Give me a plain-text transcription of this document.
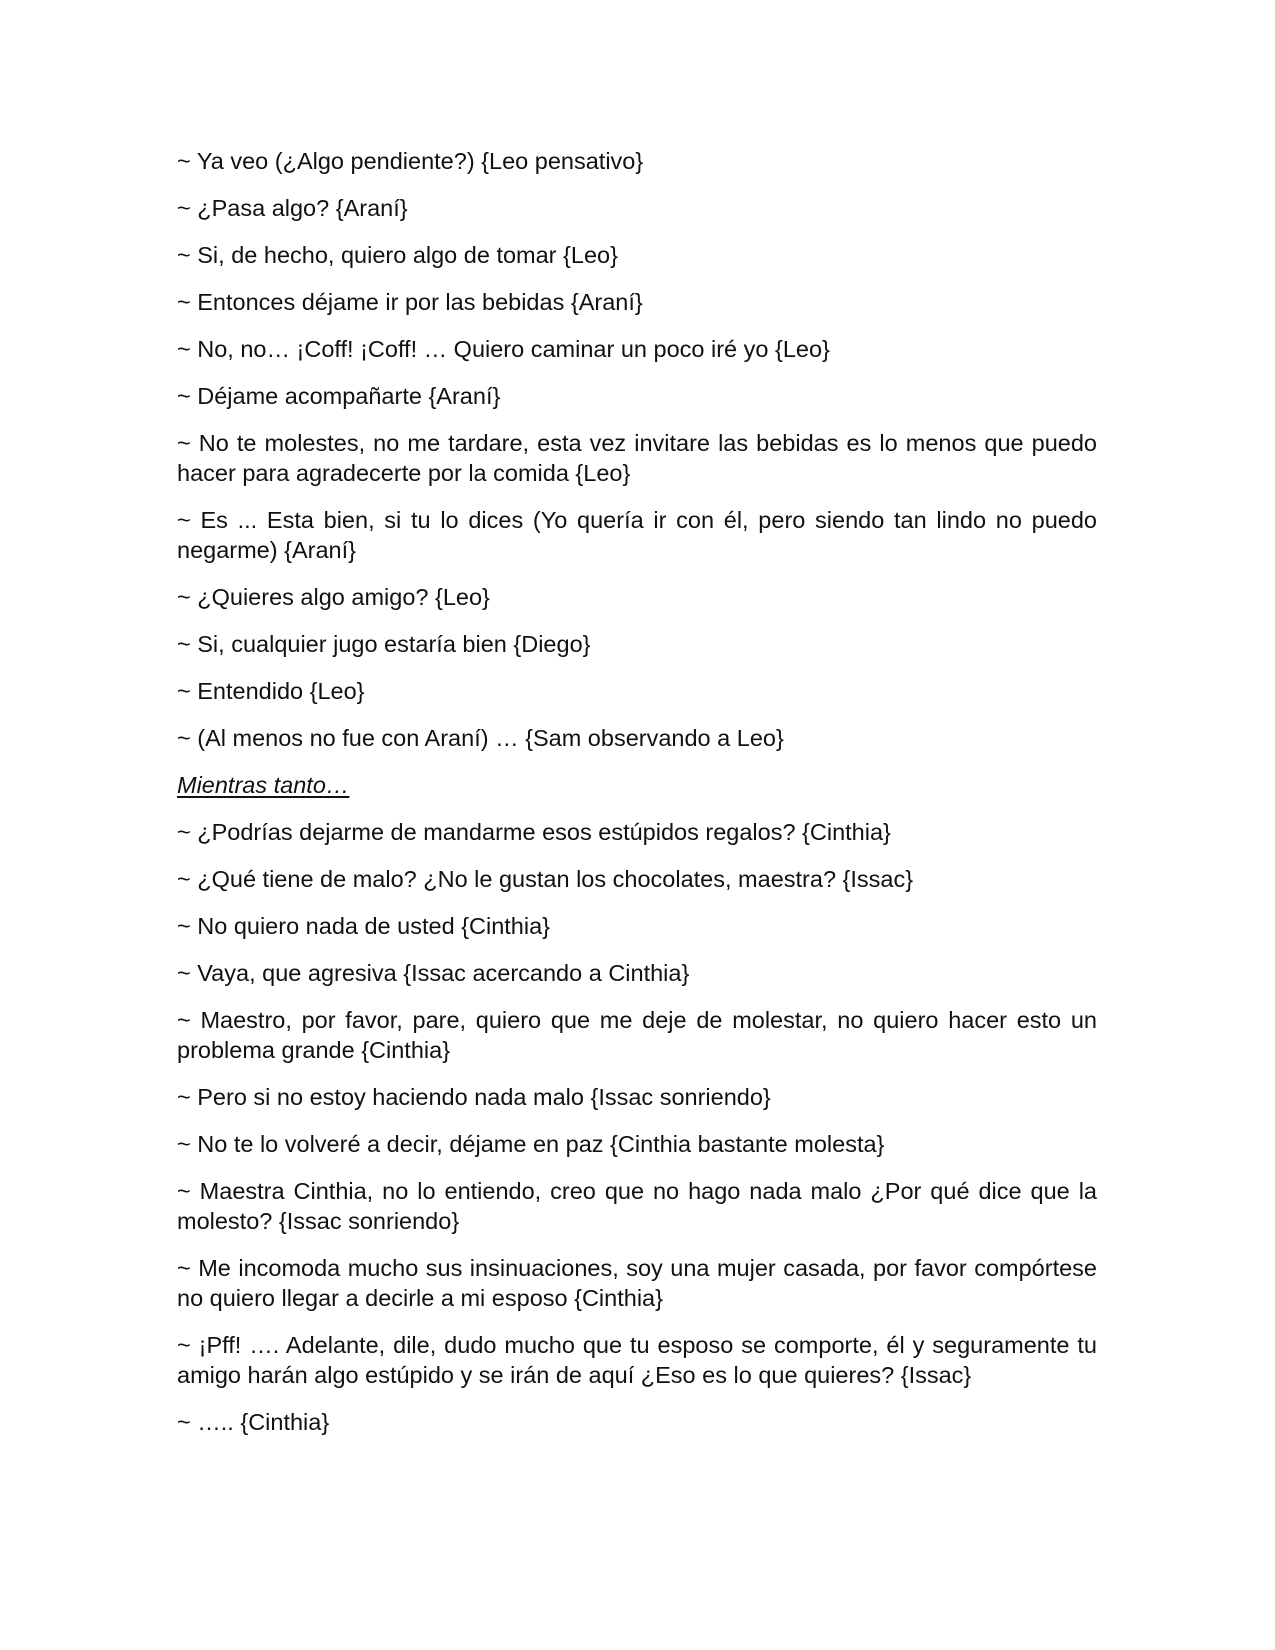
~ Ya veo (¿Algo pendiente?) {Leo pensativo}

~ ¿Pasa algo? {Araní}

~ Si, de hecho, quiero algo de tomar {Leo}

~ Entonces déjame ir por las bebidas {Araní}

~ No, no… ¡Coff! ¡Coff! … Quiero caminar un poco iré yo {Leo}

~ Déjame acompañarte {Araní}

~ No te molestes, no me tardare, esta vez invitare las bebidas es lo menos que puedo hacer para agradecerte por la comida {Leo}

~ Es ... Esta bien, si tu lo dices (Yo quería ir con él, pero siendo tan lindo no puedo negarme) {Araní}

~ ¿Quieres algo amigo? {Leo}

~ Si, cualquier jugo estaría bien {Diego}

~ Entendido {Leo}

~ (Al menos no fue con Araní) … {Sam observando a Leo}

Mientras tanto…

~ ¿Podrías dejarme de mandarme esos estúpidos regalos? {Cinthia}

~ ¿Qué tiene de malo? ¿No le gustan los chocolates, maestra? {Issac}

~ No quiero nada de usted {Cinthia}

~ Vaya, que agresiva {Issac acercando a Cinthia}

~ Maestro, por favor, pare, quiero que me deje de molestar, no quiero hacer esto un problema grande {Cinthia}

~ Pero si no estoy haciendo nada malo {Issac sonriendo}

~ No te lo volveré a decir, déjame en paz {Cinthia bastante molesta}

~ Maestra Cinthia, no lo entiendo, creo que no hago nada malo ¿Por qué dice que la molesto? {Issac sonriendo}

~ Me incomoda mucho sus insinuaciones, soy una mujer casada, por favor compórtese no quiero llegar a decirle a mi esposo {Cinthia}

~ ¡Pff! …. Adelante, dile, dudo mucho que tu esposo se comporte, él y seguramente tu amigo harán algo estúpido y se irán de aquí ¿Eso es lo que quieres? {Issac}

~ ….. {Cinthia}
